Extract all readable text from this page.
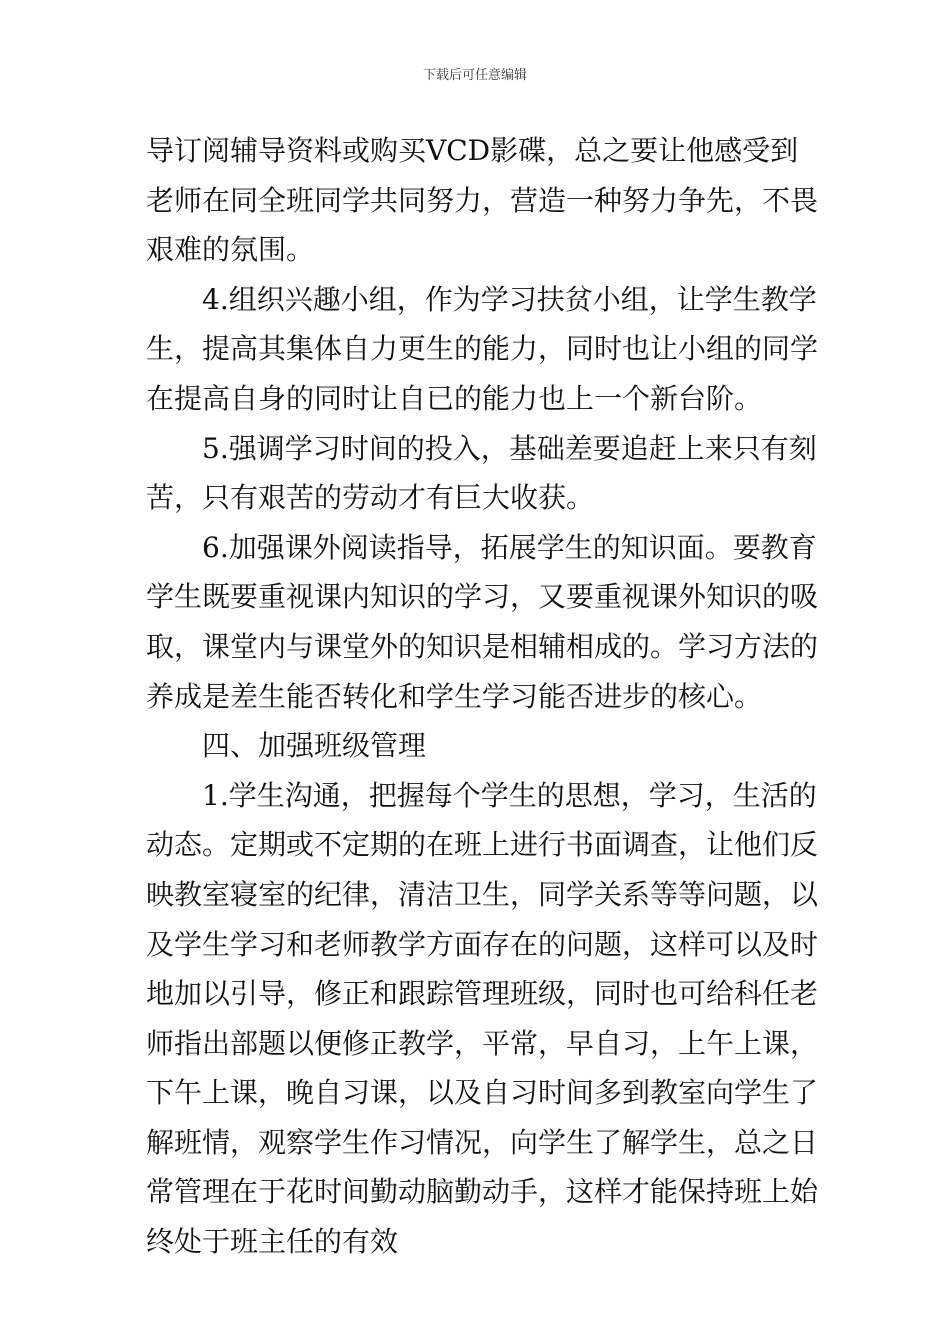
下载后可任意编辑

导订阅辅导资料或购买VCD影碟，总之要让他感受到老师在同全班同学共同努力，营造一种努力争先，不畏艰难的氛围。

4.组织兴趣小组，作为学习扶贫小组，让学生教学生，提高其集体自力更生的能力，同时也让小组的同学在提高自身的同时让自已的能力也上一个新台阶。

5.强调学习时间的投入，基础差要追赶上来只有刻苦，只有艰苦的劳动才有巨大收获。

6.加强课外阅读指导，拓展学生的知识面。要教育学生既要重视课内知识的学习，又要重视课外知识的吸取，课堂内与课堂外的知识是相辅相成的。学习方法的养成是差生能否转化和学生学习能否进步的核心。

四、加强班级管理

1.学生沟通，把握每个学生的思想，学习，生活的动态。定期或不定期的在班上进行书面调查，让他们反映教室寝室的纪律，清洁卫生，同学关系等等问题，以及学生学习和老师教学方面存在的问题，这样可以及时地加以引导，修正和跟踪管理班级，同时也可给科任老师指出部题以便修正教学，平常，早自习，上午上课，下午上课，晚自习课，以及自习时间多到教室向学生了解班情，观察学生作习情况，向学生了解学生，总之日常管理在于花时间勤动脑勤动手，这样才能保持班上始终处于班主任的有效
